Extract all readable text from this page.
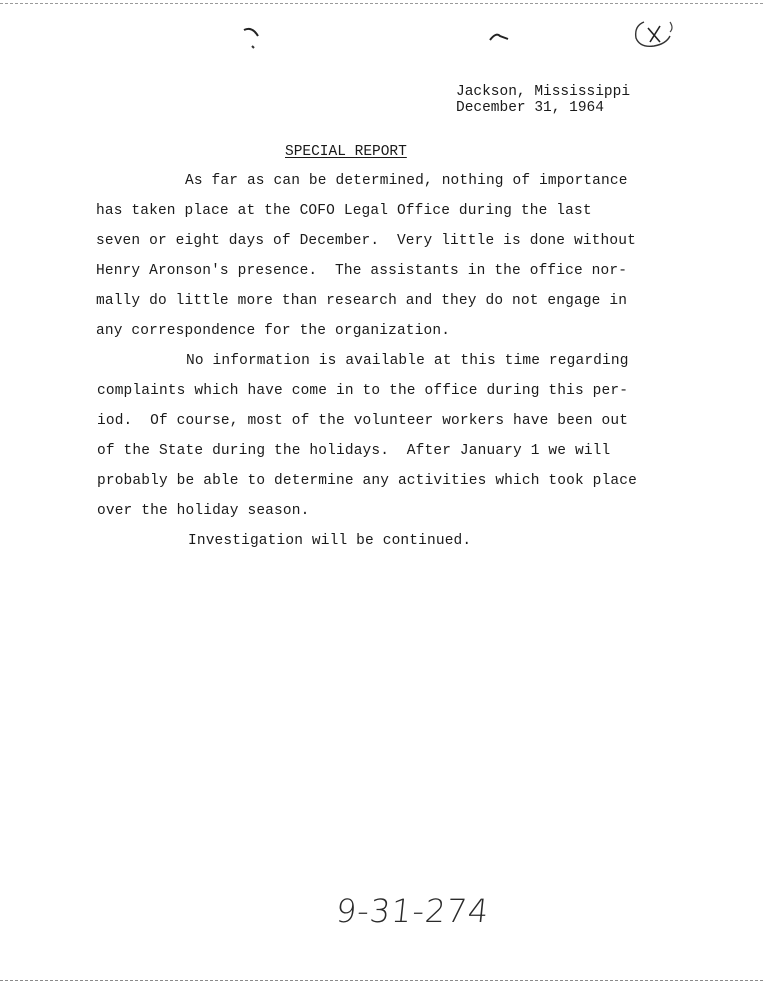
Jackson, Mississippi
December 31, 1964
SPECIAL REPORT
As far as can be determined, nothing of importance
has taken place at the COFO Legal Office during the last
seven or eight days of December.  Very little is done without
Henry Aronson's presence.  The assistants in the office nor-
mally do little more than research and they do not engage in
any correspondence for the organization.
No information is available at this time regarding
complaints which have come in to the office during this per-
iod.  Of course, most of the volunteer workers have been out
of the State during the holidays.  After January 1 we will
probably be able to determine any activities which took place
over the holiday season.
Investigation will be continued.
9-31-274
